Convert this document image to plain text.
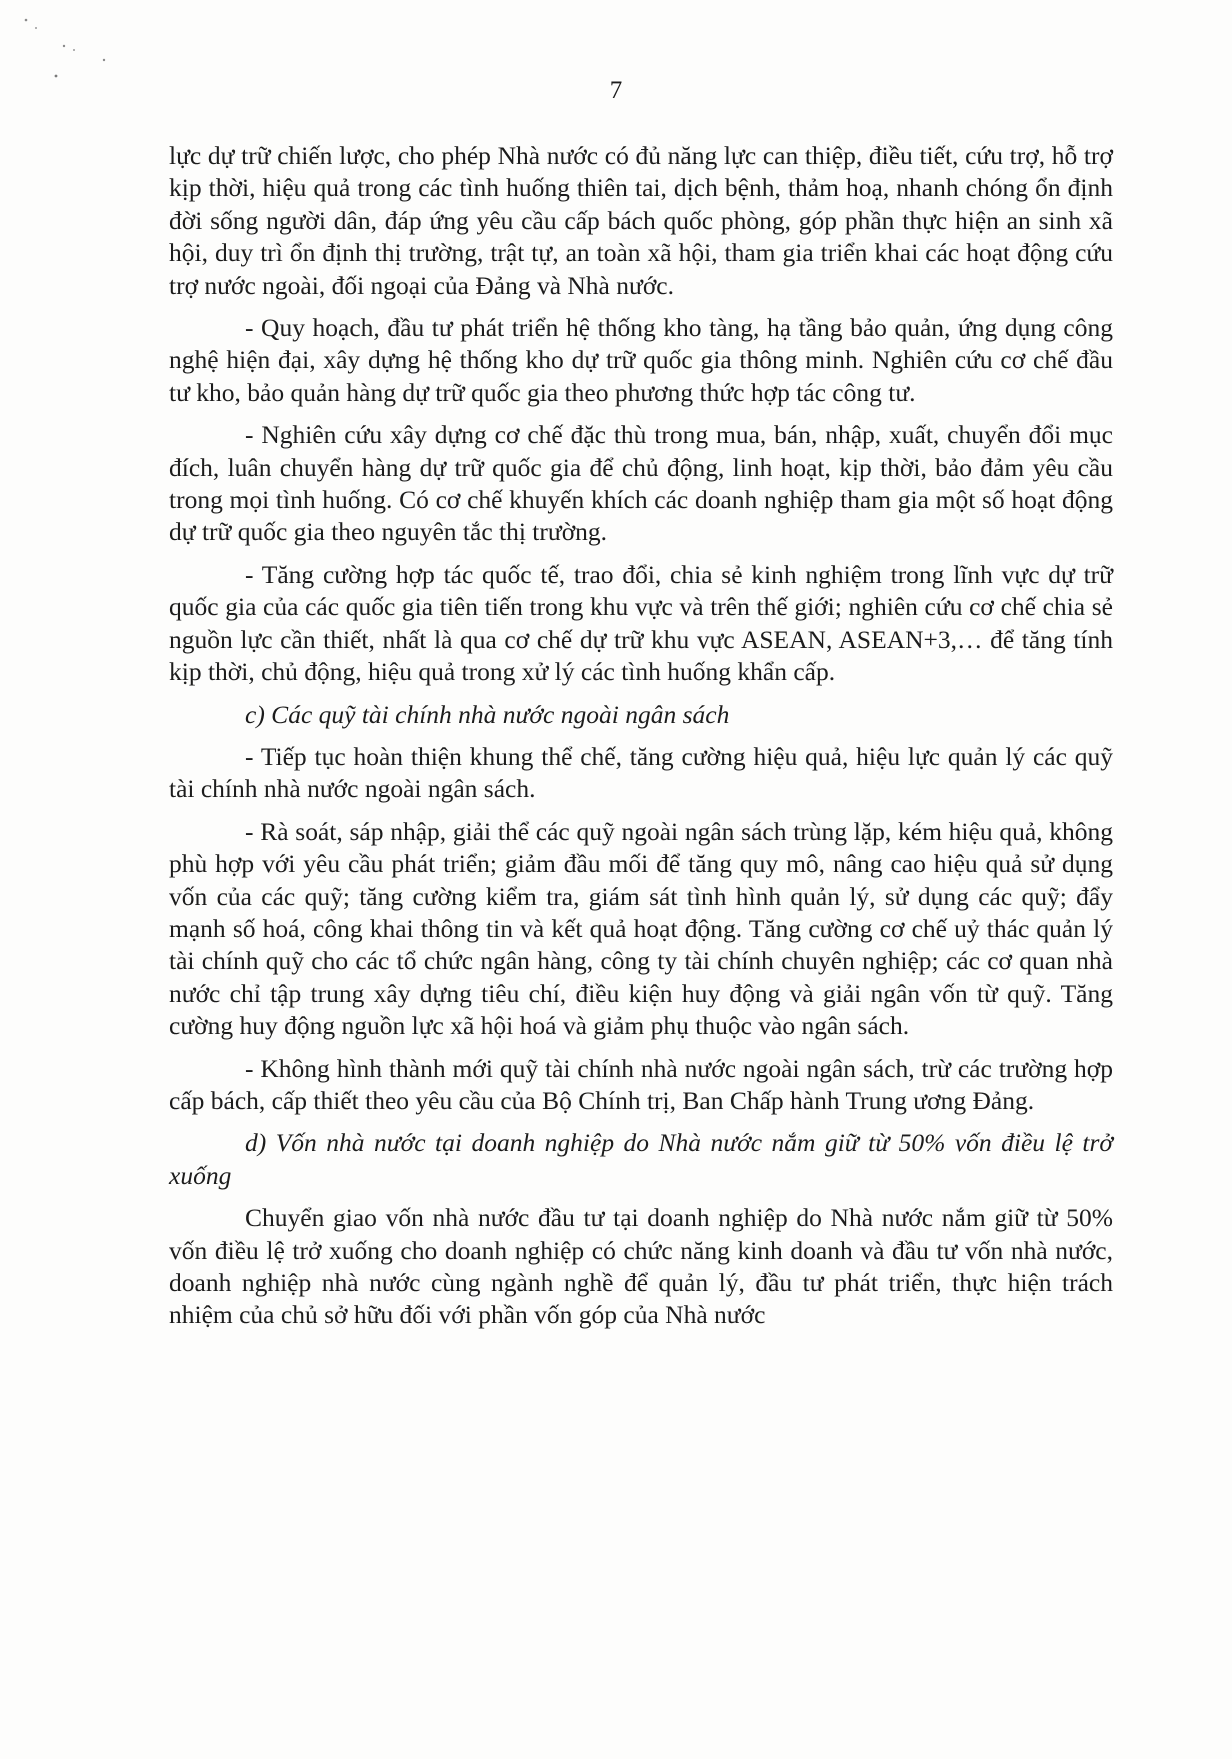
7

lực dự trữ chiến lược, cho phép Nhà nước có đủ năng lực can thiệp, điều tiết, cứu trợ, hỗ trợ kịp thời, hiệu quả trong các tình huống thiên tai, dịch bệnh, thảm hoạ, nhanh chóng ổn định đời sống người dân, đáp ứng yêu cầu cấp bách quốc phòng, góp phần thực hiện an sinh xã hội, duy trì ổn định thị trường, trật tự, an toàn xã hội, tham gia triển khai các hoạt động cứu trợ nước ngoài, đối ngoại của Đảng và Nhà nước.

- Quy hoạch, đầu tư phát triển hệ thống kho tàng, hạ tầng bảo quản, ứng dụng công nghệ hiện đại, xây dựng hệ thống kho dự trữ quốc gia thông minh. Nghiên cứu cơ chế đầu tư kho, bảo quản hàng dự trữ quốc gia theo phương thức hợp tác công tư.

- Nghiên cứu xây dựng cơ chế đặc thù trong mua, bán, nhập, xuất, chuyển đổi mục đích, luân chuyển hàng dự trữ quốc gia để chủ động, linh hoạt, kịp thời, bảo đảm yêu cầu trong mọi tình huống. Có cơ chế khuyến khích các doanh nghiệp tham gia một số hoạt động dự trữ quốc gia theo nguyên tắc thị trường.

- Tăng cường hợp tác quốc tế, trao đổi, chia sẻ kinh nghiệm trong lĩnh vực dự trữ quốc gia của các quốc gia tiên tiến trong khu vực và trên thế giới; nghiên cứu cơ chế chia sẻ nguồn lực cần thiết, nhất là qua cơ chế dự trữ khu vực ASEAN, ASEAN+3,… để tăng tính kịp thời, chủ động, hiệu quả trong xử lý các tình huống khẩn cấp.

c) Các quỹ tài chính nhà nước ngoài ngân sách

- Tiếp tục hoàn thiện khung thể chế, tăng cường hiệu quả, hiệu lực quản lý các quỹ tài chính nhà nước ngoài ngân sách.

- Rà soát, sáp nhập, giải thể các quỹ ngoài ngân sách trùng lặp, kém hiệu quả, không phù hợp với yêu cầu phát triển; giảm đầu mối để tăng quy mô, nâng cao hiệu quả sử dụng vốn của các quỹ; tăng cường kiểm tra, giám sát tình hình quản lý, sử dụng các quỹ; đẩy mạnh số hoá, công khai thông tin và kết quả hoạt động. Tăng cường cơ chế uỷ thác quản lý tài chính quỹ cho các tổ chức ngân hàng, công ty tài chính chuyên nghiệp; các cơ quan nhà nước chỉ tập trung xây dựng tiêu chí, điều kiện huy động và giải ngân vốn từ quỹ. Tăng cường huy động nguồn lực xã hội hoá và giảm phụ thuộc vào ngân sách.

- Không hình thành mới quỹ tài chính nhà nước ngoài ngân sách, trừ các trường hợp cấp bách, cấp thiết theo yêu cầu của Bộ Chính trị, Ban Chấp hành Trung ương Đảng.

d) Vốn nhà nước tại doanh nghiệp do Nhà nước nắm giữ từ 50% vốn điều lệ trở xuống

Chuyển giao vốn nhà nước đầu tư tại doanh nghiệp do Nhà nước nắm giữ từ 50% vốn điều lệ trở xuống cho doanh nghiệp có chức năng kinh doanh và đầu tư vốn nhà nước, doanh nghiệp nhà nước cùng ngành nghề để quản lý, đầu tư phát triển, thực hiện trách nhiệm của chủ sở hữu đối với phần vốn góp của Nhà nước
